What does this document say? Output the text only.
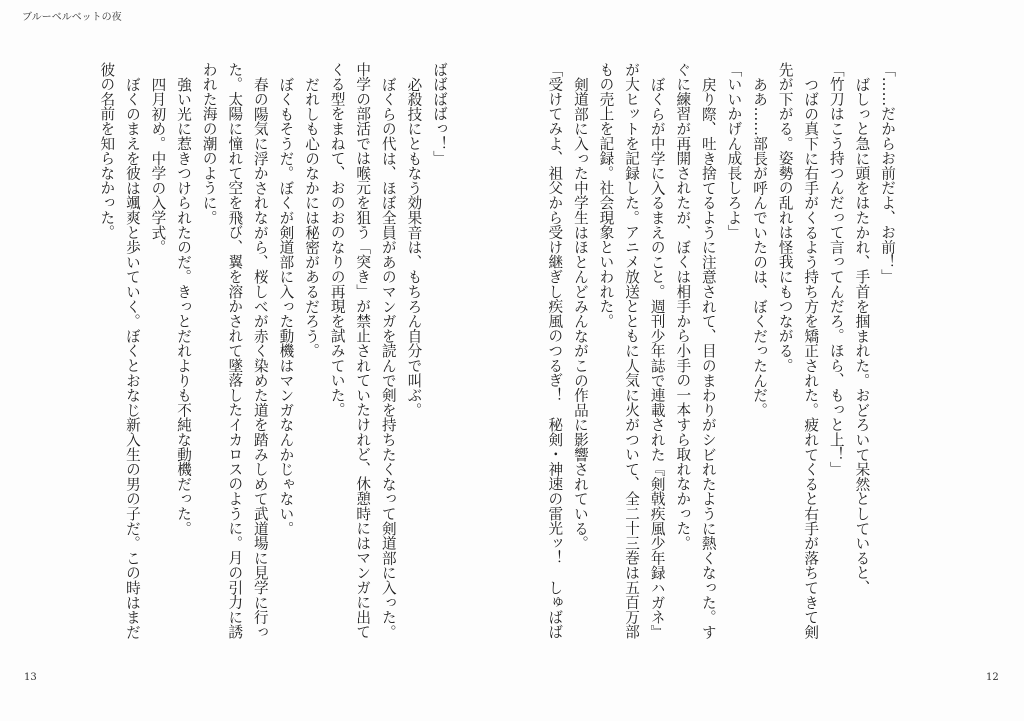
ブルーベルベットの夜

「……だからお前だよ、お前！」

ばしっと急に頭をはたかれ、手首を掴まれた。おどろいて呆然としていると、

「竹刀はこう持つんだって言ってんだろ。ほら、もっと上！」

つばの真下に右手がくるよう持ち方を矯正された。疲れてくると右手が落ちてきて剣先が下がる。姿勢の乱れは怪我にもつながる。

ああ……部長が呼んでいたのは、ぼくだったんだ。

「いいかげん成長しろよ」

戻り際、吐き捨てるように注意されて、目のまわりがシビれたように熱くなった。すぐに練習が再開されたが、ぼくは相手から小手の一本すら取れなかった。

ぼくらが中学に入るまえのこと。週刊少年誌で連載された『剣戟疾風少年録ハガネ』が大ヒットを記録した。アニメ放送とともに人気に火がついて、全二十三巻は五百万部もの売上を記録。社会現象といわれた。

剣道部に入った中学生はほとんどみんながこの作品に影響されている。

「受けてみよ、祖父から受け継ぎし疾風のつるぎ！　秘剣・神速の雷光ッ！　しゅばば

ばばばばっ！」

必殺技にともなう効果音は、もちろん自分で叫ぶ。

ぼくらの代は、ほぼ全員があのマンガを読んで剣を持ちたくなって剣道部に入った。中学の部活では喉元を狙う「突き」が禁止されていたけれど、休憩時にはマンガに出てくる型をまねて、おのおのなりの再現を試みていた。

だれしも心のなかには秘密があるだろう。

ぼくもそうだ。ぼくが剣道部に入った動機はマンガなんかじゃない。

春の陽気に浮かされながら、桜しべが赤く染めた道を踏みしめて武道場に見学に行った。太陽に憧れて空を飛び、翼を溶かされて墜落したイカロスのように。月の引力に誘われた海の潮のように。

強い光に惹きつけられたのだ。きっとだれよりも不純な動機だった。

四月初め。中学の入学式。

ぼくのまえを彼は颯爽と歩いていく。ぼくとおなじ新入生の男の子だ。この時はまだ彼の名前を知らなかった。

13	12
